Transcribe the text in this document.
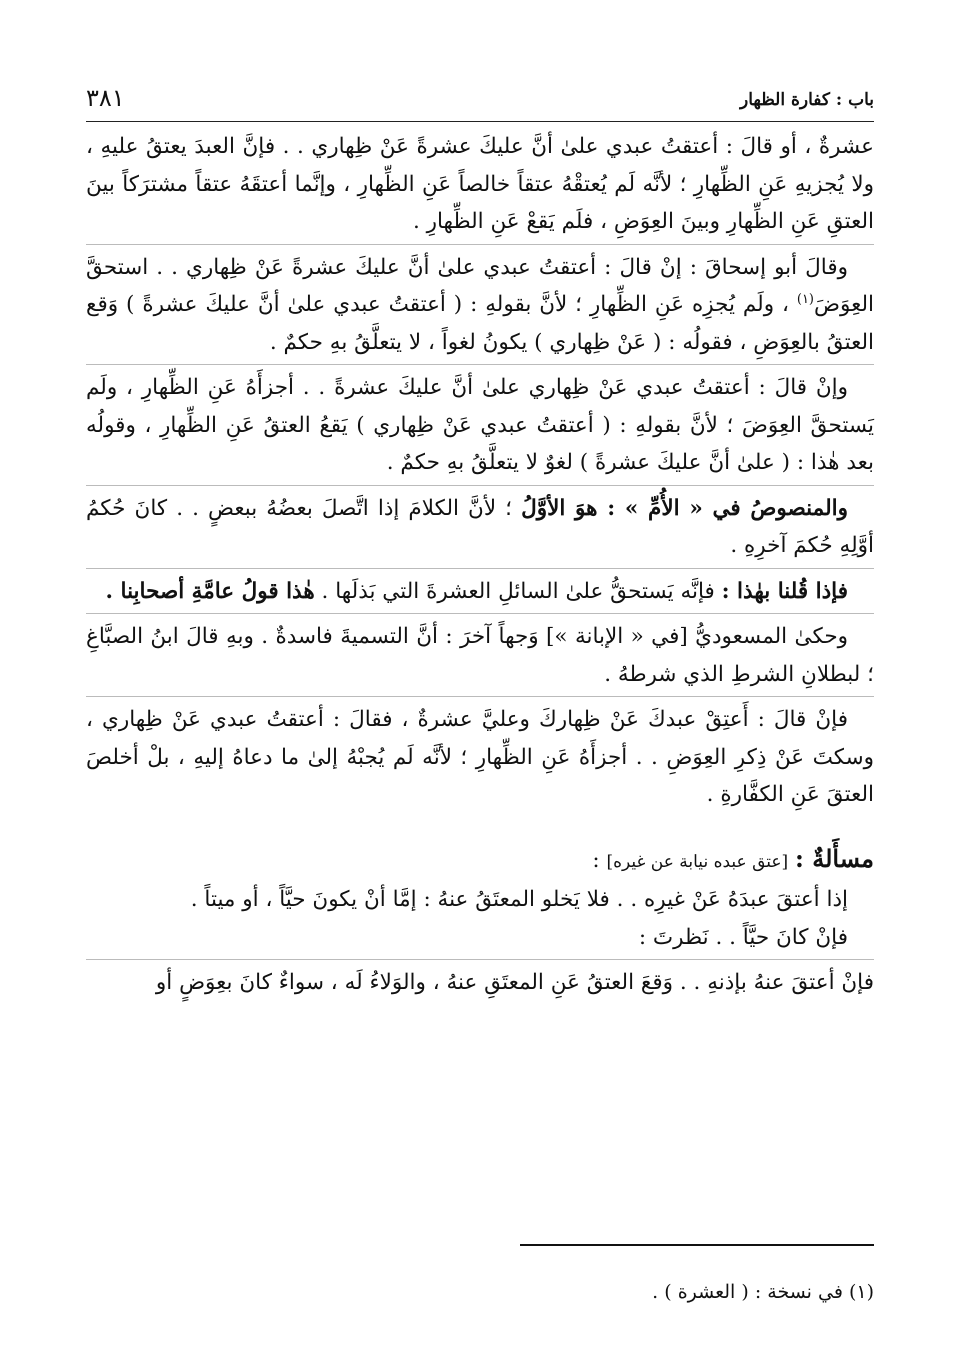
باب : كفارة الظهار
٣٨١

عشرةٌ ، أو قالَ : أعتقتُ عبدي علىٰ أنَّ عليكَ عشرةً عَنْ ظِهاري . . فإنَّ العبدَ يعتقُ عليهِ ، ولا يُجزيهِ عَنِ الظِّهارِ ؛ لأنَّه لَم يُعتقْهُ عتقاً خالصاً عَنِ الظِّهارِ ، وإنَّما أعتقَهُ عتقاً مشترَكاً بينَ العتقِ عَنِ الظِّهارِ وبينَ العِوَضِ ، فلَم يَقعْ عَنِ الظِّهارِ .

وقالَ أبو إسحاقَ : إنْ قالَ : أعتقتُ عبدي علىٰ أنَّ عليكَ عشرةً عَنْ ظِهاري . . استحقَّ العِوَضَ$^{(١)}$ ، ولَم يُجزِه عَنِ الظِّهارِ ؛ لأنَّ بقولهِ : ( أعتقتُ عبدي علىٰ أنَّ عليكَ عشرةً ) وَقع العتقُ بالعِوَضِ ، فقولُه : ( عَنْ ظِهاري ) يكونُ لغواً ، لا يتعلَّقُ بهِ حكمٌ .

وإنْ قالَ : أعتقتُ عبدي عَنْ ظِهاري علىٰ أنَّ عليكَ عشرةً . . أجزأَهُ عَنِ الظِّهارِ ، ولَم يَستحقَّ العِوَضَ ؛ لأنَّ بقولهِ : ( أعتقتُ عبدي عَنْ ظِهاري ) يَقعُ العتقُ عَنِ الظِّهارِ ، وقولُه بعد هٰذا : ( علىٰ أنَّ عليكَ عشرةً ) لغوٌ لا يتعلَّقُ بهِ حكمٌ .

والمنصوصُ في « الأُمِّ » : هوَ الأوَّلُ ؛ لأنَّ الكلامَ إذا اتَّصلَ بعضُهُ ببعضٍ . . كانَ حُكمُ أوَّلِهِ حُكمَ آخرِهِ .

فإذا قُلنا بهٰذا : فإنَّه يَستحقُّ علىٰ السائلِ العشرةَ التي بَذلَها . هٰذا قولُ عامَّةِ أصحابِنا .

وحكىٰ المسعوديُّ [في « الإبانة »] وَجهاً آخرَ : أنَّ التسميةَ فاسدةٌ . وبهِ قالَ ابنُ الصبَّاغِ ؛ لبطلانِ الشرطِ الذي شرطهُ .

فإنْ قالَ : أَعتِقْ عبدكَ عَنْ ظِهاركَ وعليَّ عشرةٌ ، فقالَ : أعتقتُ عبدي عَنْ ظِهاري ، وسكتَ عَنْ ذِكرِ العِوَضِ . . أجزأَهُ عَنِ الظِّهارِ ؛ لأنَّه لَم يُجبْهُ إلىٰ ما دعاهُ إليهِ ، بلْ أخلصَ العتقَ عَنِ الكفَّارةِ .

مسأَلةٌ : [عتق عبده نيابة عن غيره] :

إذا أعتقَ عبدَهُ عَنْ غيرِه . . فلا يَخلو المعتَقُ عنهُ : إمَّا أنْ يكونَ حيَّاً ، أو ميتاً .

فإنْ كانَ حيَّاً . . نَظرتَ :

فإنْ أعتقَ عنهُ بإذنهِ . . وَقعَ العتقُ عَنِ المعتَقِ عنهُ ، والوَلاءُ لَه ، سواءٌ كانَ بعِوَضٍ أو

(١) في نسخة : ( العشرة ) .
